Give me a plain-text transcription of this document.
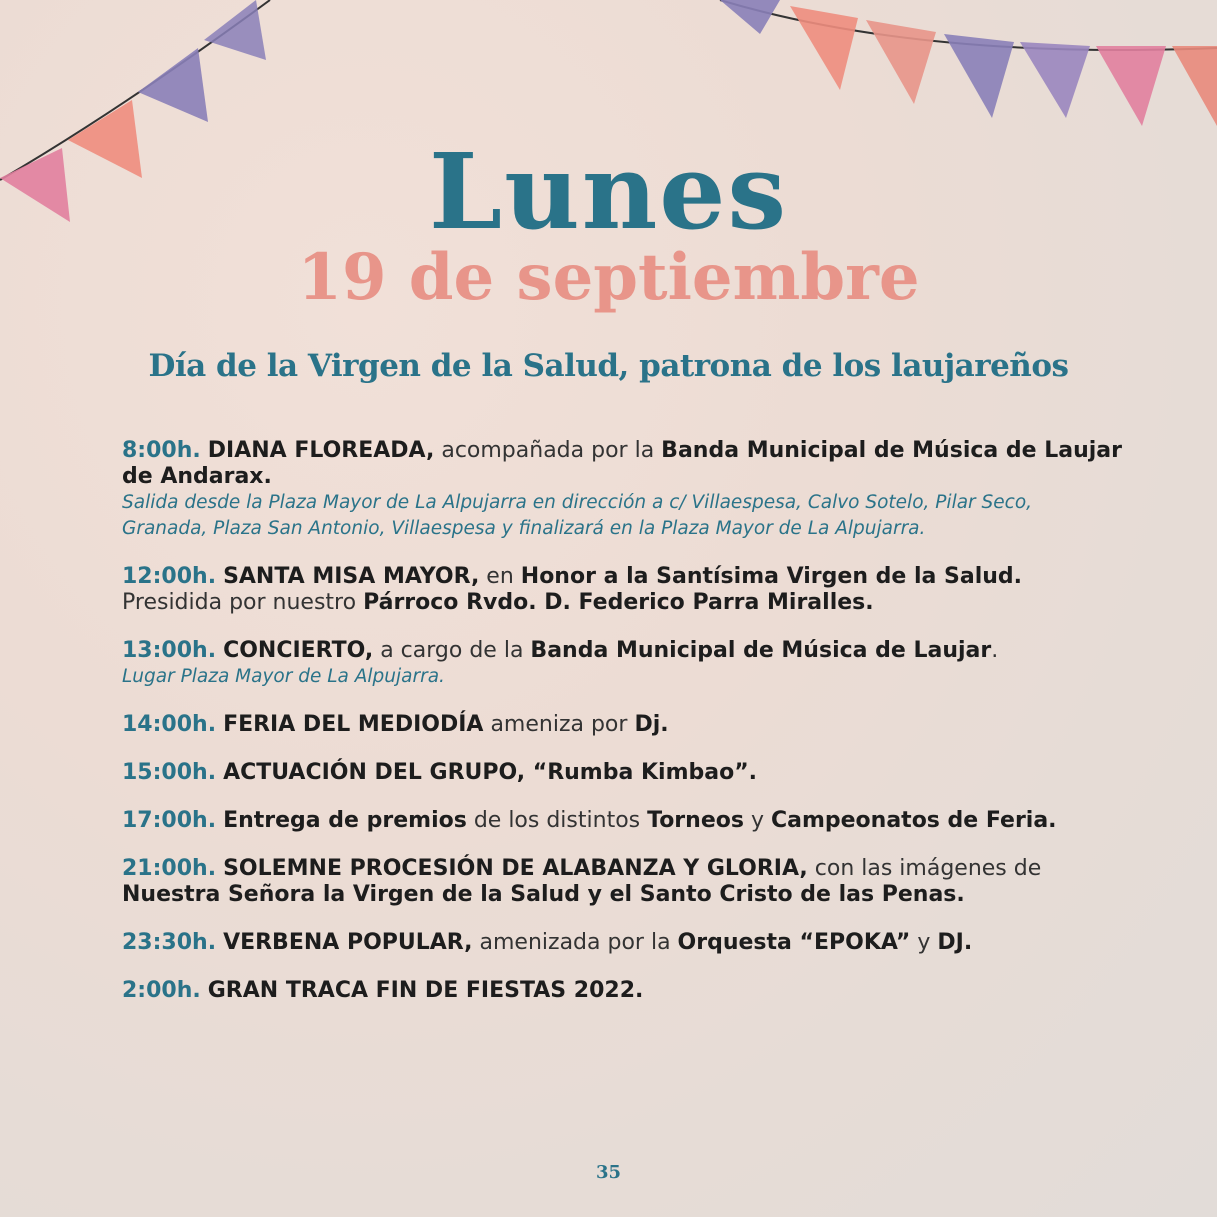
Lunes
19 de septiembre
Día de la Virgen de la Salud, patrona de los laujareños
8:00h. DIANA FLOREADA, acompañada por la Banda Municipal de Música de Laujar de Andarax.
Salida desde la Plaza Mayor de La Alpujarra en dirección a c/ Villaespesa, Calvo Sotelo, Pilar Seco, Granada, Plaza San Antonio, Villaespesa y finalizará en la Plaza Mayor de La Alpujarra.
12:00h. SANTA MISA MAYOR, en Honor a la Santísima Virgen de la Salud. Presidida por nuestro Párroco Rvdo. D. Federico Parra Miralles.
13:00h. CONCIERTO, a cargo de la Banda Municipal de Música de Laujar.
Lugar Plaza Mayor de La Alpujarra.
14:00h. FERIA DEL MEDIODÍA ameniza por Dj.
15:00h. ACTUACIÓN DEL GRUPO, “Rumba Kimbao”.
17:00h. Entrega de premios de los distintos Torneos y Campeonatos de Feria.
21:00h. SOLEMNE PROCESIÓN DE ALABANZA Y GLORIA, con las imágenes de Nuestra Señora la Virgen de la Salud y el Santo Cristo de las Penas.
23:30h. VERBENA POPULAR, amenizada por la Orquesta “EPOKA” y DJ.
2:00h. GRAN TRACA FIN DE FIESTAS 2022.
35
